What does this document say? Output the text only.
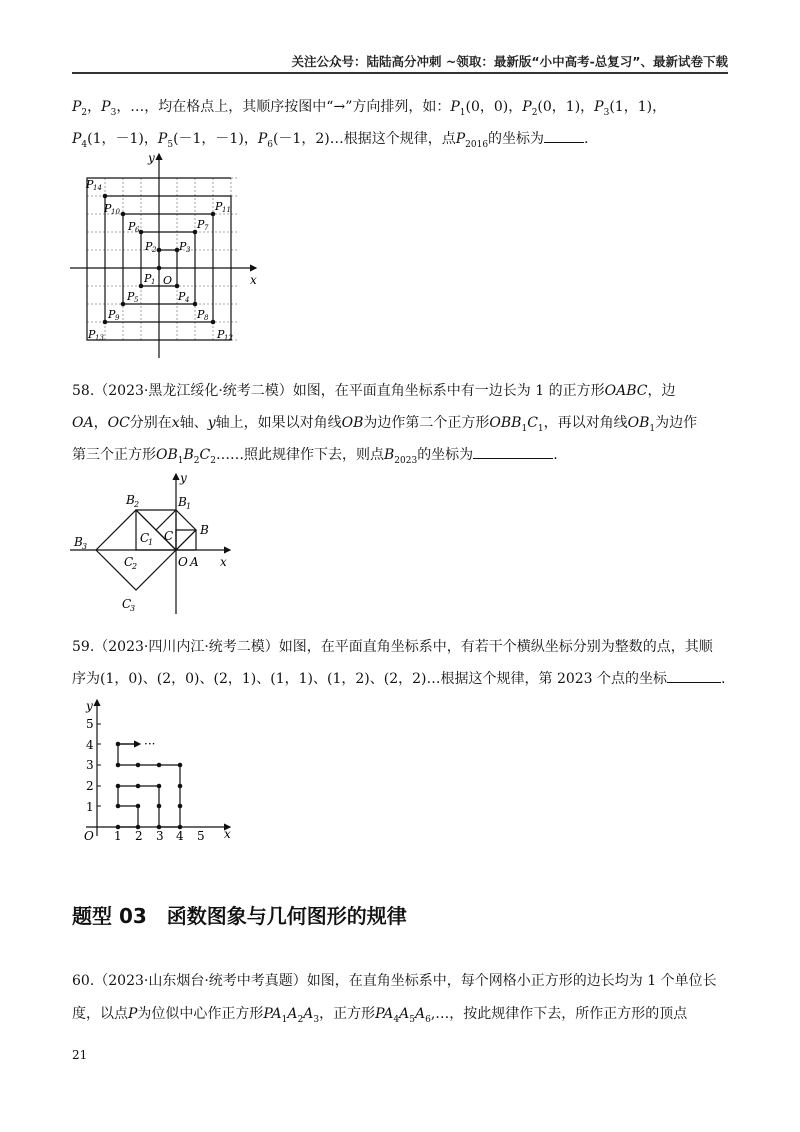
关注公众号：陆陆高分冲刺 ~领取：最新版“小中高考-总复习”、最新试卷下载
$P_2$，$P_3$，…，均在格点上，其顺序按图中“→”方向排列，如：$P_1(0$，0)，$P_2(0$，1)，$P_3(1$，1)，
$P_4(1$，－1)，$P_5(-1$，－1)，$P_6(-1$，2)…根据这个规律，点$P_{2016}$的坐标为	.
x
y
O
P 1
P 2 P 3
P 4
P 5
P 6	P 7
P 8
P 9
P 10	P 11
P 12
P 13
P 14
58.（2023·黑龙江绥化·统考二模）如图，在平面直角坐标系中有一边长为 1 的正方形OABC，边
OA，OC分别在x轴、y轴上，如果以对角线OB为边作第二个正方形$OBB_1C_1$，再以对角线$OB_1$为边作
第三个正方形$OB_1B_2C_2\dots\dots$照此规律作下去，则点$B_{2023}$的坐标为	.
B 2	B 1
C B
C
1
B 3
C
2	O A x
y
C
3
59.（2023·四川内江·统考二模）如图，在平面直角坐标系中，有若干个横纵坐标分别为整数的点，其顺
序为(1，0)、(2，0)、(2，1)、(1，1)、(1，2)、(2，2)…根据这个规律，第 2023 个点的坐标	.
x
y
O 1 2 3 4 5
1
2
3
4
5
···
题型 03　函数图象与几何图形的规律
60.（2023·山东烟台·统考中考真题）如图，在直角坐标系中，每个网格小正方形的边长均为 1 个单位长
度，以点P为位似中心作正方形$PA_1A_2A_3$，正方形$PA_4A_5A_6,\dots$，按此规律作下去，所作正方形的顶点
21
